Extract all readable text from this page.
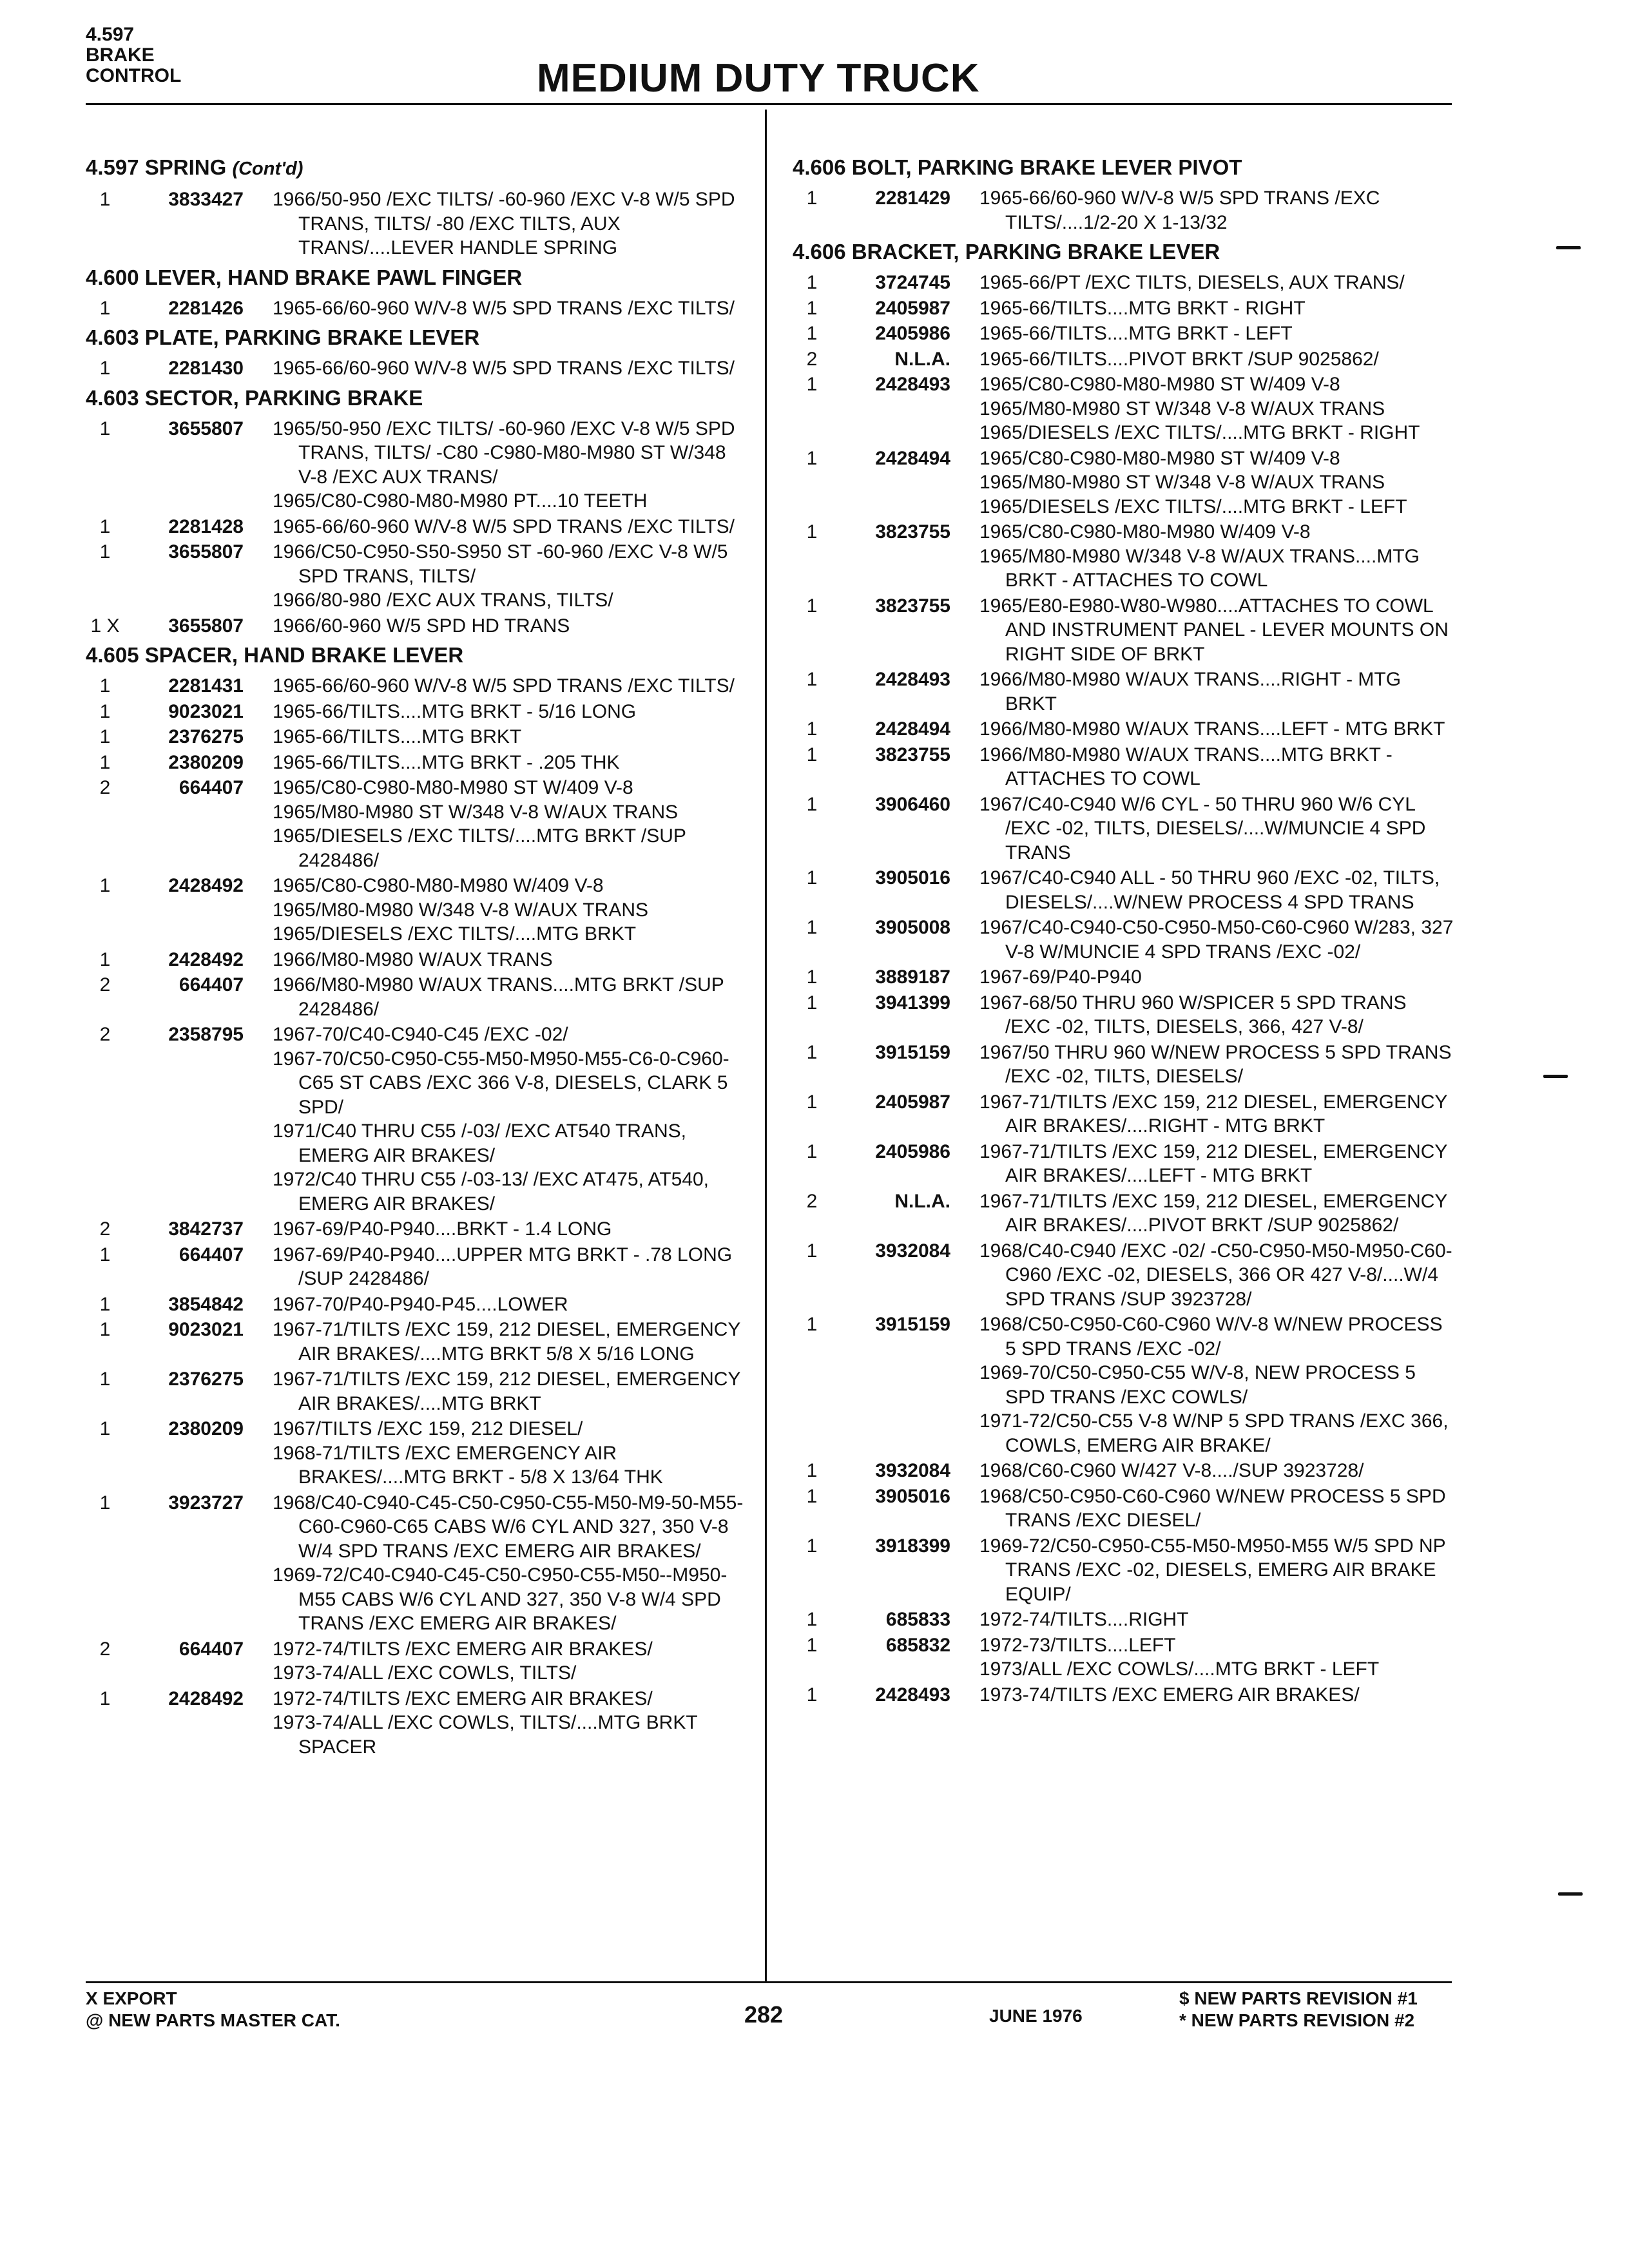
4.597
BRAKE
CONTROL	MEDIUM DUTY TRUCK
4.597 SPRING (Cont'd)
1	3833427 1966/50-950 /EXC TILTS/ -60-960 /EXC V-8 W/5 SPD TRANS, TILTS/ -80 /EXC TILTS, AUX TRANS/....LEVER HANDLE SPRING
4.600 LEVER, HAND BRAKE PAWL FINGER
1	2281426 1965-66/60-960 W/V-8 W/5 SPD TRANS /EXC TILTS/
4.603 PLATE, PARKING BRAKE LEVER
1	2281430 1965-66/60-960 W/V-8 W/5 SPD TRANS /EXC TILTS/
4.603 SECTOR, PARKING BRAKE
1	3655807 1965/50-950 /EXC TILTS/ -60-960 /EXC V-8 W/5 SPD TRANS, TILTS/ -C80 -C980-M80-M980 ST W/348 V-8 /EXC AUX TRANS/
1965/C80-C980-M80-M980 PT....10 TEETH
1	2281428 1965-66/60-960 W/V-8 W/5 SPD TRANS /EXC TILTS/
1	3655807 1966/C50-C950-S50-S950 ST -60-960 /EXC V-8 W/5 SPD TRANS, TILTS/
1966/80-980 /EXC AUX TRANS, TILTS/
1 X	3655807 1966/60-960 W/5 SPD HD TRANS
4.605 SPACER, HAND BRAKE LEVER
1	2281431 1965-66/60-960 W/V-8 W/5 SPD TRANS /EXC TILTS/
1	9023021 1965-66/TILTS....MTG BRKT - 5/16 LONG
1	2376275 1965-66/TILTS....MTG BRKT
1	2380209 1965-66/TILTS....MTG BRKT - .205 THK
2	664407 1965/C80-C980-M80-M980 ST W/409 V-8
1965/M80-M980 ST W/348 V-8 W/AUX TRANS
1965/DIESELS /EXC TILTS/....MTG BRKT /SUP 2428486/
1	2428492 1965/C80-C980-M80-M980 W/409 V-8
1965/M80-M980 W/348 V-8 W/AUX TRANS
1965/DIESELS /EXC TILTS/....MTG BRKT
1	2428492 1966/M80-M980 W/AUX TRANS
2	664407 1966/M80-M980 W/AUX TRANS....MTG BRKT /SUP 2428486/
2	2358795 1967-70/C40-C940-C45 /EXC -02/
1967-70/C50-C950-C55-M50-M950-M55-C6-0-C960-C65 ST CABS /EXC 366 V-8, DIESELS, CLARK 5 SPD/
1971/C40 THRU C55 /-03/ /EXC AT540 TRANS, EMERG AIR BRAKES/
1972/C40 THRU C55 /-03-13/ /EXC AT475, AT540, EMERG AIR BRAKES/
2	3842737 1967-69/P40-P940....BRKT - 1.4 LONG
1	664407 1967-69/P40-P940....UPPER MTG BRKT - .78 LONG /SUP 2428486/
1	3854842 1967-70/P40-P940-P45....LOWER
1	9023021 1967-71/TILTS /EXC 159, 212 DIESEL, EMERGENCY AIR BRAKES/....MTG BRKT 5/8 X 5/16 LONG
1	2376275 1967-71/TILTS /EXC 159, 212 DIESEL, EMERGENCY AIR BRAKES/....MTG BRKT
1	2380209 1967/TILTS /EXC 159, 212 DIESEL/
1968-71/TILTS /EXC EMERGENCY AIR BRAKES/....MTG BRKT - 5/8 X 13/64 THK
1	3923727 1968/C40-C940-C45-C50-C950-C55-M50-M9-50-M55-C60-C960-C65 CABS W/6 CYL AND 327, 350 V-8 W/4 SPD TRANS /EXC EMERG AIR BRAKES/
1969-72/C40-C940-C45-C50-C950-C55-M50--M950-M55 CABS W/6 CYL AND 327, 350 V-8 W/4 SPD TRANS /EXC EMERG AIR BRAKES/
2	664407 1972-74/TILTS /EXC EMERG AIR BRAKES/
1973-74/ALL /EXC COWLS, TILTS/
1	2428492 1972-74/TILTS /EXC EMERG AIR BRAKES/
1973-74/ALL /EXC COWLS, TILTS/....MTG BRKT SPACER
4.606 BOLT, PARKING BRAKE LEVER PIVOT
1	2281429 1965-66/60-960 W/V-8 W/5 SPD TRANS /EXC TILTS/....1/2-20 X 1-13/32
4.606 BRACKET, PARKING BRAKE LEVER
1	3724745 1965-66/PT /EXC TILTS, DIESELS, AUX TRANS/
1	2405987 1965-66/TILTS....MTG BRKT - RIGHT
1	2405986 1965-66/TILTS....MTG BRKT - LEFT
2	N.L.A. 1965-66/TILTS....PIVOT BRKT /SUP 9025862/
1	2428493 1965/C80-C980-M80-M980 ST W/409 V-8
1965/M80-M980 ST W/348 V-8 W/AUX TRANS
1965/DIESELS /EXC TILTS/....MTG BRKT - RIGHT
1	2428494 1965/C80-C980-M80-M980 ST W/409 V-8
1965/M80-M980 ST W/348 V-8 W/AUX TRANS
1965/DIESELS /EXC TILTS/....MTG BRKT - LEFT
1	3823755 1965/C80-C980-M80-M980 W/409 V-8
1965/M80-M980 W/348 V-8 W/AUX TRANS....MTG BRKT - ATTACHES TO COWL
1	3823755 1965/E80-E980-W80-W980....ATTACHES TO COWL AND INSTRUMENT PANEL - LEVER MOUNTS ON RIGHT SIDE OF BRKT
1	2428493 1966/M80-M980 W/AUX TRANS....RIGHT - MTG BRKT
1	2428494 1966/M80-M980 W/AUX TRANS....LEFT - MTG BRKT
1	3823755 1966/M80-M980 W/AUX TRANS....MTG BRKT - ATTACHES TO COWL
1	3906460 1967/C40-C940 W/6 CYL - 50 THRU 960 W/6 CYL /EXC -02, TILTS, DIESELS/....W/MUNCIE 4 SPD TRANS
1	3905016 1967/C40-C940 ALL - 50 THRU 960 /EXC -02, TILTS, DIESELS/....W/NEW PROCESS 4 SPD TRANS
1	3905008 1967/C40-C940-C50-C950-M50-C60-C960 W/283, 327 V-8 W/MUNCIE 4 SPD TRANS /EXC -02/
1	3889187 1967-69/P40-P940
1	3941399 1967-68/50 THRU 960 W/SPICER 5 SPD TRANS /EXC -02, TILTS, DIESELS, 366, 427 V-8/
1	3915159 1967/50 THRU 960 W/NEW PROCESS 5 SPD TRANS /EXC -02, TILTS, DIESELS/
1	2405987 1967-71/TILTS /EXC 159, 212 DIESEL, EMERGENCY AIR BRAKES/....RIGHT - MTG BRKT
1	2405986 1967-71/TILTS /EXC 159, 212 DIESEL, EMERGENCY AIR BRAKES/....LEFT - MTG BRKT
2	N.L.A. 1967-71/TILTS /EXC 159, 212 DIESEL, EMERGENCY AIR BRAKES/....PIVOT BRKT /SUP 9025862/
1	3932084 1968/C40-C940 /EXC -02/ -C50-C950-M50-M950-C60-C960 /EXC -02, DIESELS, 366 OR 427 V-8/....W/4 SPD TRANS /SUP 3923728/
1	3915159 1968/C50-C950-C60-C960 W/V-8 W/NEW PROCESS 5 SPD TRANS /EXC -02/
1969-70/C50-C950-C55 W/V-8, NEW PROCESS 5 SPD TRANS /EXC COWLS/
1971-72/C50-C55 V-8 W/NP 5 SPD TRANS /EXC 366, COWLS, EMERG AIR BRAKE/
1	3932084 1968/C60-C960 W/427 V-8..../SUP 3923728/
1	3905016 1968/C50-C950-C60-C960 W/NEW PROCESS 5 SPD TRANS /EXC DIESEL/
1	3918399 1969-72/C50-C950-C55-M50-M950-M55 W/5 SPD NP TRANS /EXC -02, DIESELS, EMERG AIR BRAKE EQUIP/
1	685833 1972-74/TILTS....RIGHT
1	685832 1972-73/TILTS....LEFT
1973/ALL /EXC COWLS/....MTG BRKT - LEFT
1	2428493 1973-74/TILTS /EXC EMERG AIR BRAKES/
X EXPORT
@ NEW PARTS MASTER CAT.	282	JUNE 1976
$ NEW PARTS REVISION #1
* NEW PARTS REVISION #2
